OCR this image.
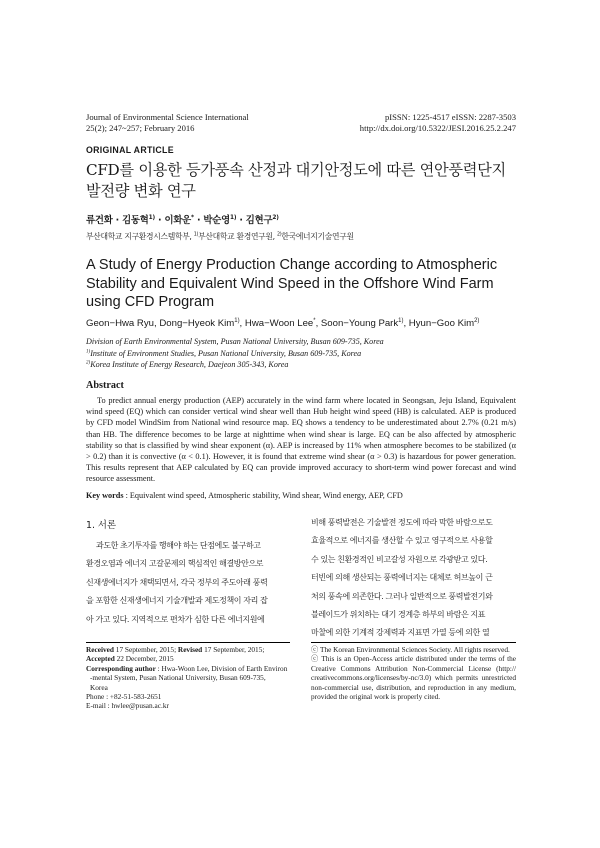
Journal of Environmental Science International
25(2); 247~257; February 2016
pISSN: 1225-4517 eISSN: 2287-3503
http://dx.doi.org/10.5322/JESI.2016.25.2.247
ORIGINAL ARTICLE
CFD를 이용한 등가풍속 산정과 대기안정도에 따른 연안풍력단지
발전량 변화 연구
류건화 · 김동혁$^{1)}$ · 이화운* · 박순영$^{1)}$ · 김현구$^{2)}$
부산대학교 지구환경시스템학부, $^{1)}$부산대학교 환경연구원, $^{2)}$한국에너지기술연구원
A Study of Energy Production Change according to Atmospheric
Stability and Equivalent Wind Speed in the Offshore Wind Farm
using CFD Program
Geon−Hwa Ryu, Dong−Hyeok Kim$^{1)}$, Hwa−Woon Lee*, Soon−Young Park$^{1)}$, Hyun−Goo Kim$^{2)}$
Division of Earth Environmental System, Pusan National University, Busan 609-735, Korea
$^{1)}$Institute of Environment Studies, Pusan National University, Busan 609-735, Korea
$^{2)}$Korea Institute of Energy Research, Daejeon 305-343, Korea
Abstract
To predict annual energy production (AEP) accurately in the wind farm where located in Seongsan, Jeju Island, Equivalent wind speed (EQ) which can consider vertical wind shear well than Hub height wind speed (HB) is calculated. AEP is produced by CFD model WindSim from National wind resource map. EQ shows a tendency to be underestimated about 2.7% (0.21 m/s) than HB. The difference becomes to be large at nighttime when wind shear is large. EQ can be also affected by atmospheric stability so that is classified by wind shear exponent (α). AEP is increased by 11% when atmosphere becomes to be stabilized (α > 0.2) than it is convective (α < 0.1). However, it is found that extreme wind shear (α > 0.3) is hazardous for power generation. This results represent that AEP calculated by EQ can provide improved accuracy to short-term wind power forecast and wind resource assessment.
Key words : Equivalent wind speed, Atmospheric stability, Wind shear, Wind energy, AEP, CFD
1. 서론
과도한 초기투자를 행해야 하는 단점에도 불구하고
환경오염과 에너지 고갈문제의 핵심적인 해결방안으로
신재생에너지가 채택되면서, 각국 정부의 주도아래 풍력
을 포함한 신재생에너지 기술개발과 제도정책이 자리 잡
아 가고 있다. 지역적으로 편차가 심한 다른 에너지원에
비해 풍력발전은 기술발전 정도에 따라 막한 바람으로도
효율적으로 에너지를 생산할 수 있고 영구적으로 사용할
수 있는 친환경적인 비고갈성 자원으로 각광받고 있다.
터빈에 의해 생산되는 풍력에너지는 대체로 허브높이 근
처의 풍속에 의존한다. 그러나 일반적으로 풍력발전기와
블레이드가 위치하는 대기 경계층 하부의 바람은 지표
마찰에 의한 기계적 강제력과 지표면 가열 등에 의한 열
Received 17 September, 2015; Revised 17 September, 2015;
Accepted 22 December, 2015
Corresponding author : Hwa-Woon Lee, Division of Earth Environ
-mental System, Pusan National University, Busan 609-735,
Korea
Phone : +82-51-583-2651
E-mail : hwlee@pusan.ac.kr

ⓒ The Korean Environmental Sciences Society. All rights reserved.

ⓒ This is an Open-Access article distributed under the terms of the Creative Commons Attribution Non-Commercial License (http:// creativecommons.org/licenses/by-nc/3.0) which permits unrestricted non-commercial use, distribution, and reproduction in any medium, provided the original work is properly cited.
